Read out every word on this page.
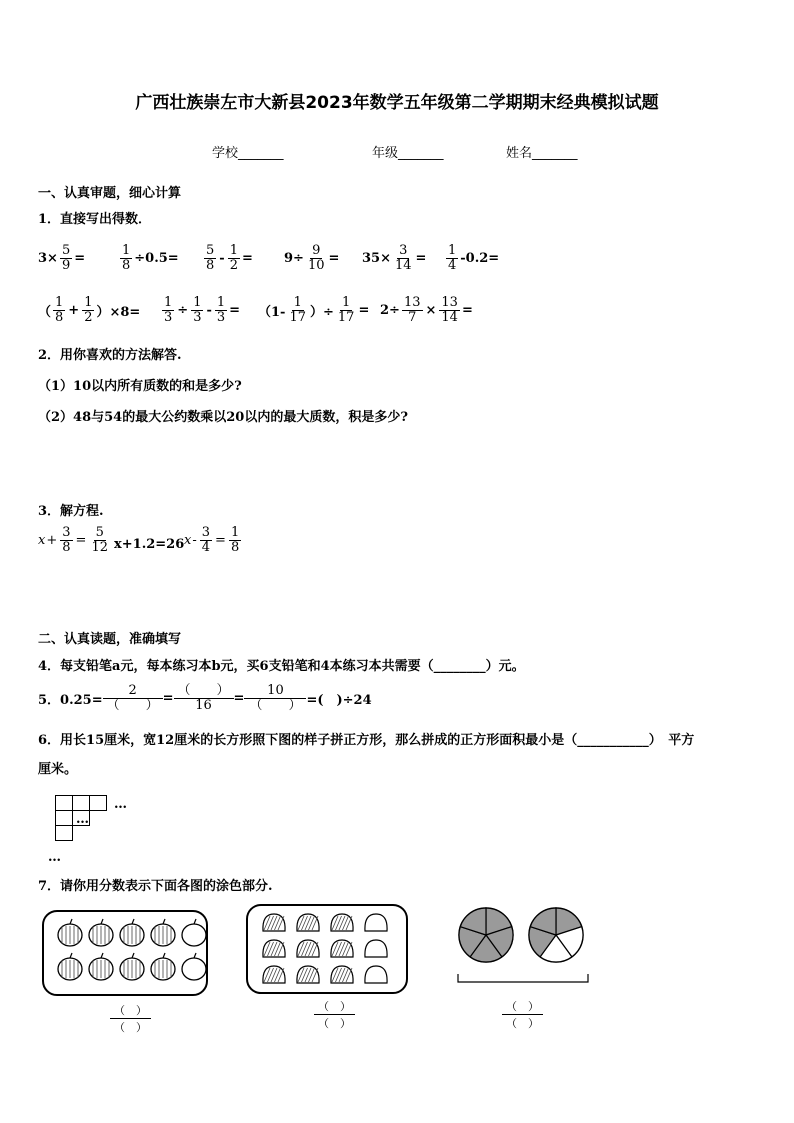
广西壮族崇左市大新县2023年数学五年级第二学期期末经典模拟试题
学校_______	年级_______	姓名_______
一、认真审题，细心计算
1．直接写出得数．
$3\times \frac{5}{9}$ =	$\frac{1}{8} \div 0.5= \frac{5}{8} - \frac{1}{2} = 9\div \frac{9}{10} = 35\times \frac{3}{14} = \frac{1}{4} -0.2=$
（ $\frac{1}{8} + \frac{1}{2} )\times 8= \frac{1}{3} \div \frac{1}{3} - \frac{1}{3} = (1- \frac{1}{17}$ ）÷ $\frac{1}{17} = 2\div \frac{13}{7} \times \frac{13}{14}$ =
2．用你喜欢的方法解答.
（1）10以内所有质数的和是多少?
（2）48与54的最大公约数乘以20以内的最大质数，积是多少?
3．解方程.
$x + \frac{3}{8} = \frac{5}{12} x+1.2=26$ $x - \frac{3}{4} = \frac{1}{8}$
二、认真读题，准确填写
4．每支铅笔a元，每本练习本b元，买6支铅笔和4本练习本共需要（________）元。
5．$0.25= \frac{2}{( )} = \frac{( )}{16} = \frac{10}{( )}$ =(　)÷24
6．用长15厘米，宽12厘米的长方形照下图的样子拼正方形，那么拼成的正方形面积最小是（___________）　平方
厘米。

…
…
…
7．请你用分数表示下面各图的涂色部分.
（　）
（　）
（　）
（　）
（　）
（　）
